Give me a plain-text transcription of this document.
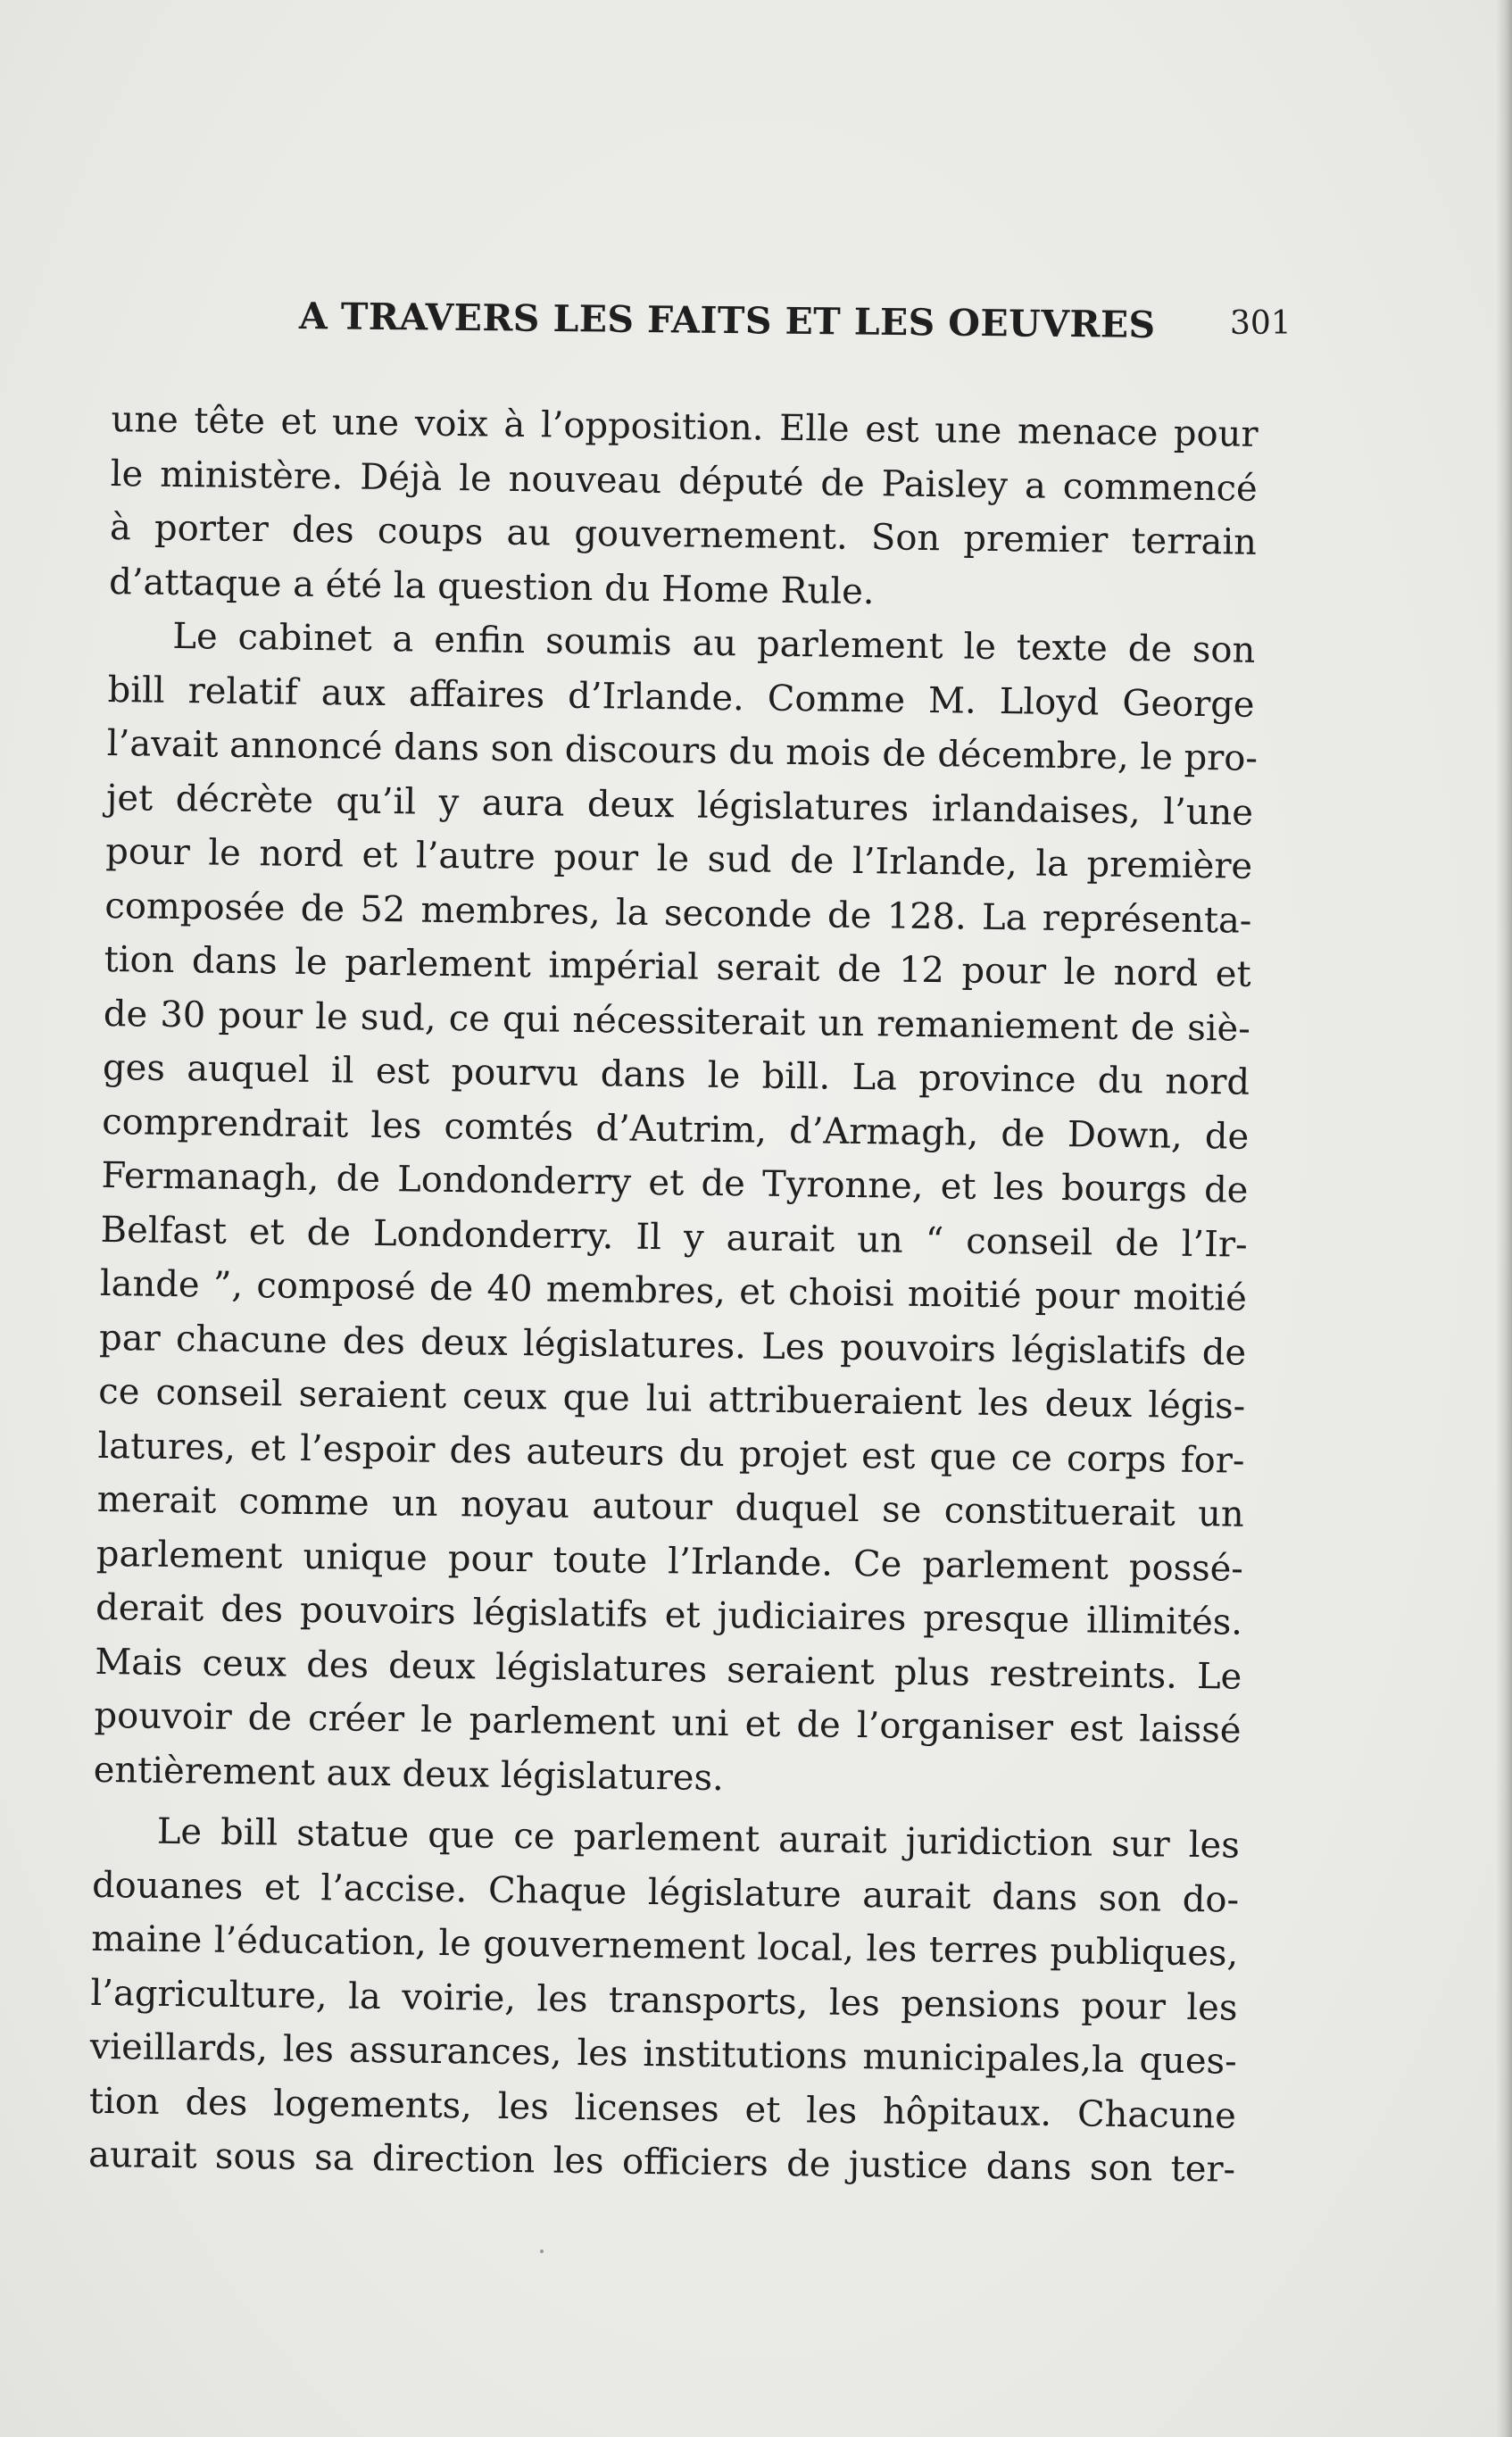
A TRAVERS LES FAITS ET LES OEUVRES 301
une tête et une voix à l’opposition. Elle est une menace pour
le ministère. Déjà le nouveau député de Paisley a commencé
à porter des coups au gouvernement. Son premier terrain
d’attaque a été la question du Home Rule.
Le cabinet a enfin soumis au parlement le texte de son
bill relatif aux affaires d’Irlande. Comme M. Lloyd George
l’avait annoncé dans son discours du mois de décembre, le pro-
jet décrète qu’il y aura deux législatures irlandaises, l’une
pour le nord et l’autre pour le sud de l’Irlande, la première
composée de 52 membres, la seconde de 128. La représenta-
tion dans le parlement impérial serait de 12 pour le nord et
de 30 pour le sud, ce qui nécessiterait un remaniement de siè-
ges auquel il est pourvu dans le bill. La province du nord
comprendrait les comtés d’Autrim, d’Armagh, de Down, de
Fermanagh, de Londonderry et de Tyronne, et les bourgs de
Belfast et de Londonderry. Il y aurait un “ conseil de l’Ir-
lande ”, composé de 40 membres, et choisi moitié pour moitié
par chacune des deux législatures. Les pouvoirs législatifs de
ce conseil seraient ceux que lui attribueraient les deux légis-
latures, et l’espoir des auteurs du projet est que ce corps for-
merait comme un noyau autour duquel se constituerait un
parlement unique pour toute l’Irlande. Ce parlement possé-
derait des pouvoirs législatifs et judiciaires presque illimités.
Mais ceux des deux législatures seraient plus restreints. Le
pouvoir de créer le parlement uni et de l’organiser est laissé
entièrement aux deux législatures.
Le bill statue que ce parlement aurait juridiction sur les
douanes et l’accise. Chaque législature aurait dans son do-
maine l’éducation, le gouvernement local, les terres publiques,
l’agriculture, la voirie, les transports, les pensions pour les
vieillards, les assurances, les institutions municipales,la ques-
tion des logements, les licenses et les hôpitaux. Chacune
aurait sous sa direction les officiers de justice dans son ter-
